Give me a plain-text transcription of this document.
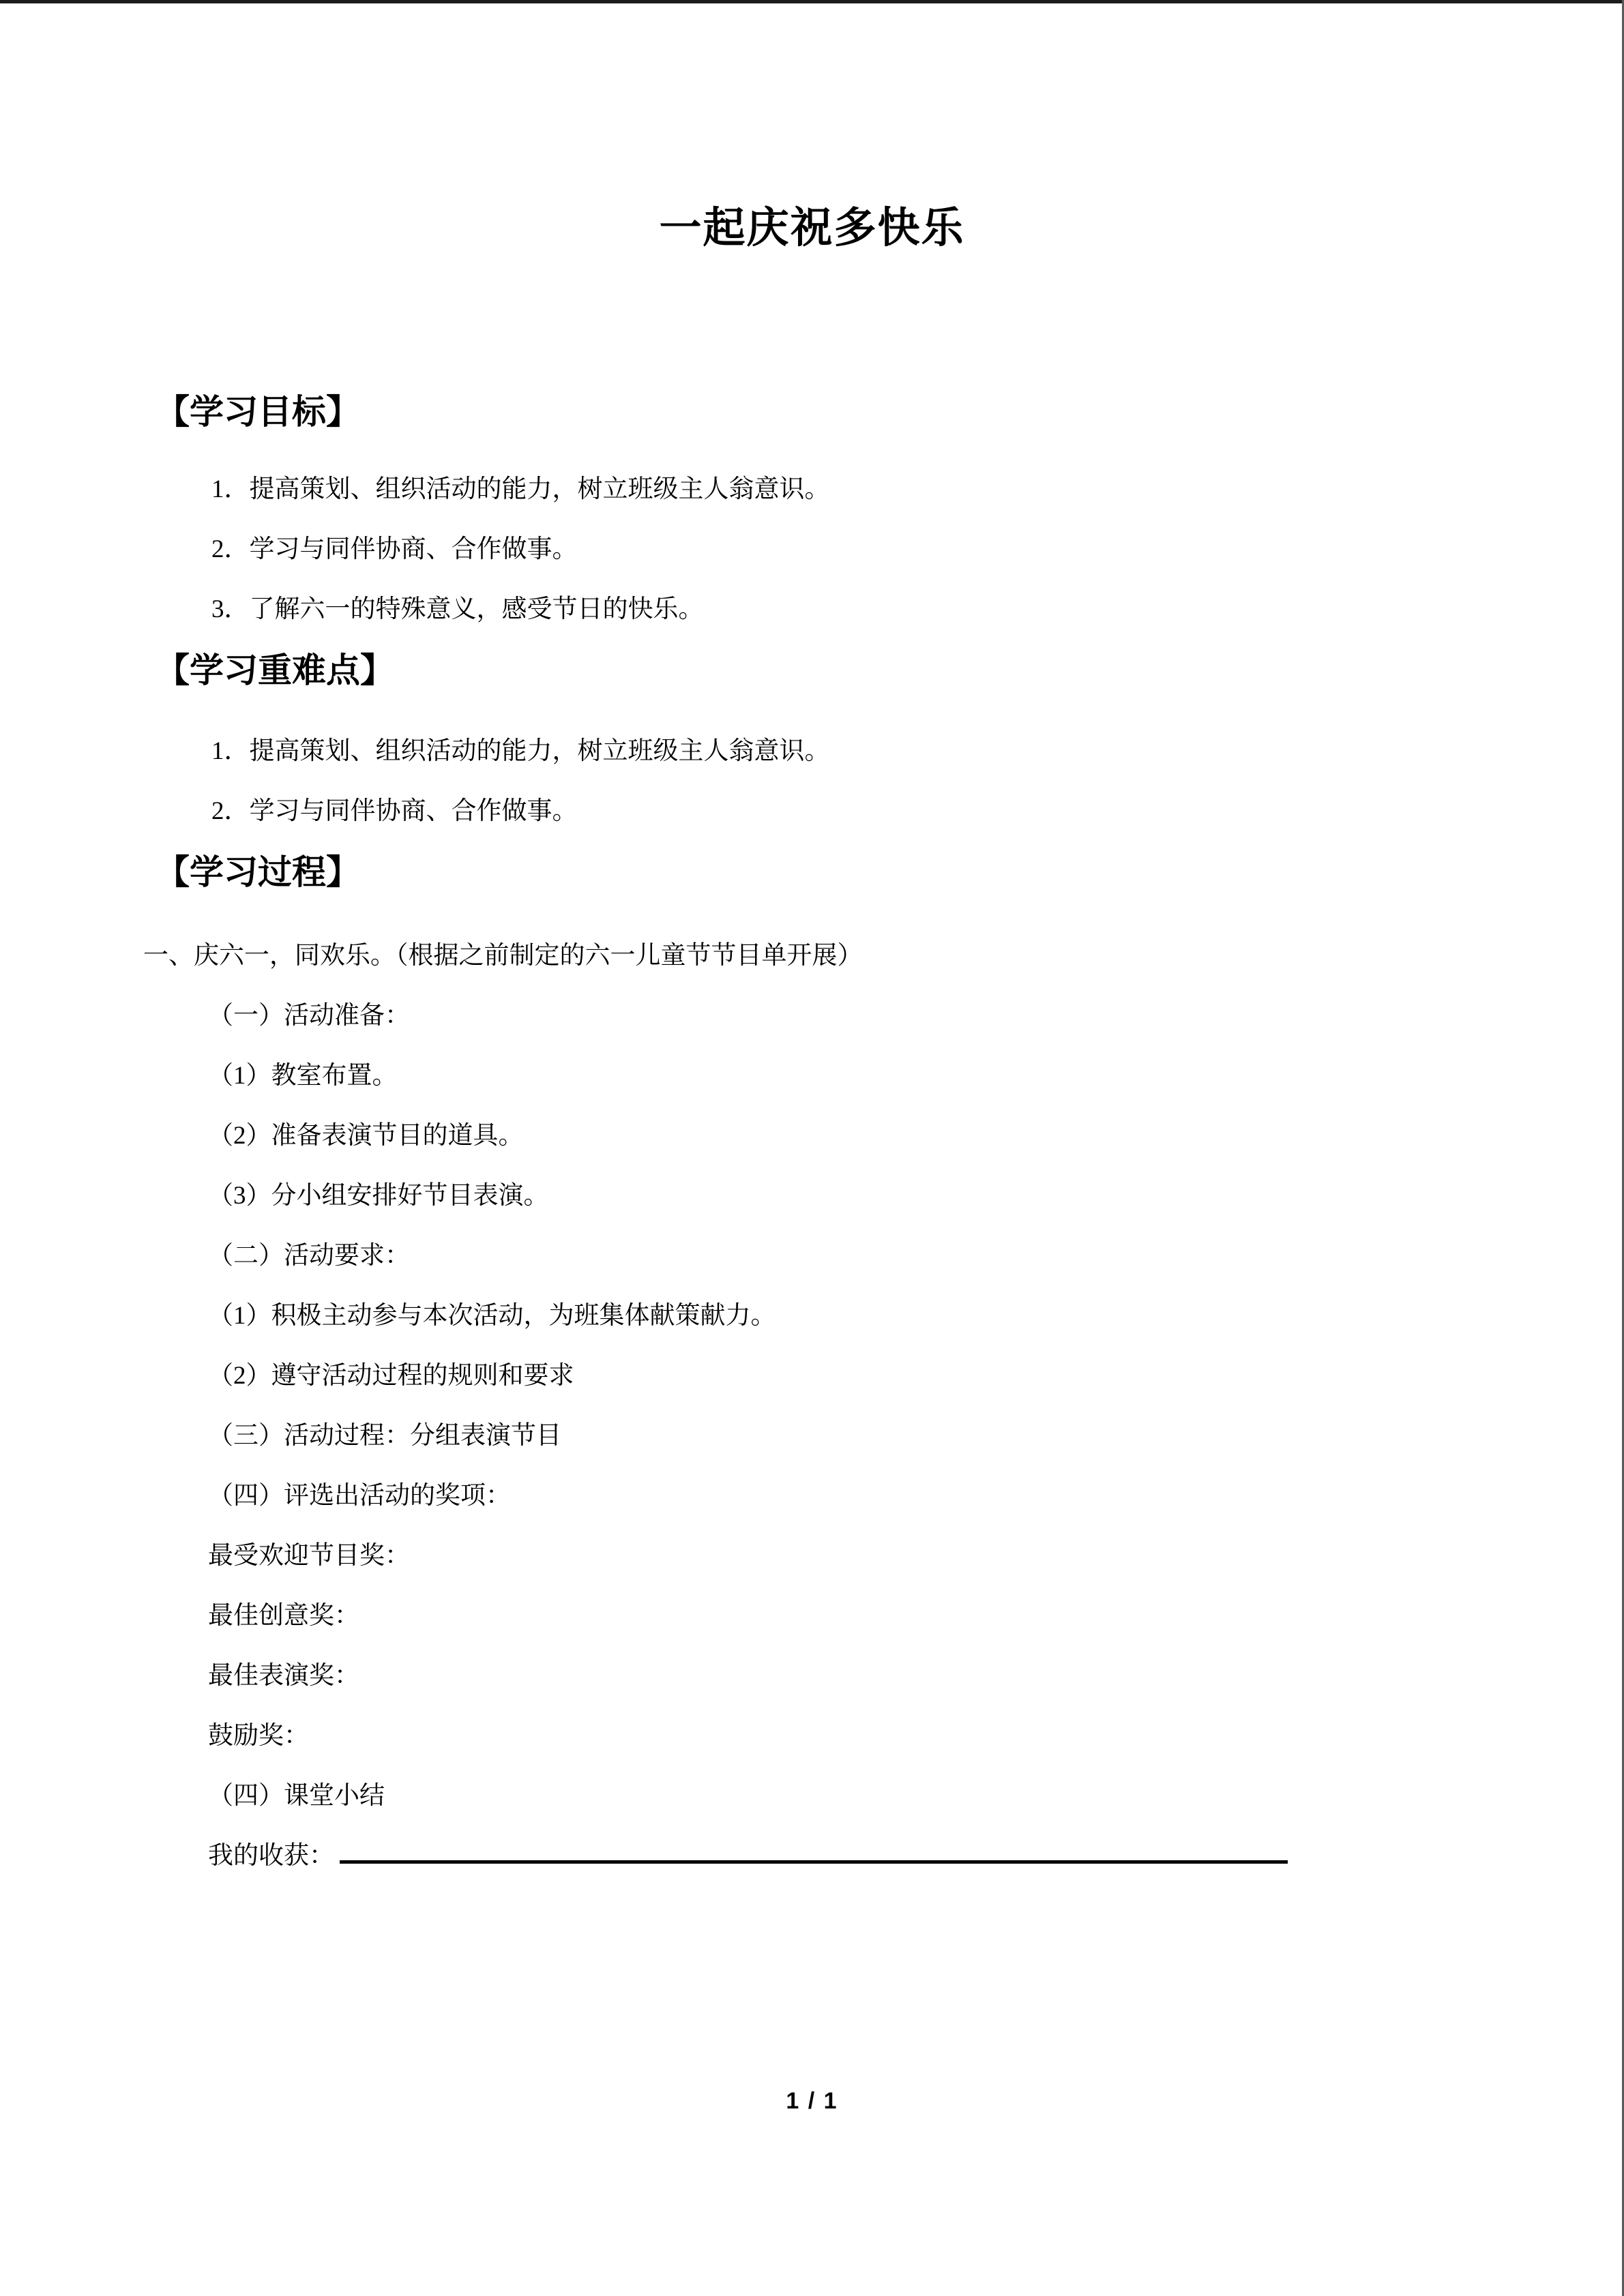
一起庆祝多快乐
【学习目标】
1．提高策划、组织活动的能力，树立班级主人翁意识。
2．学习与同伴协商、合作做事。
3．了解六一的特殊意义，感受节日的快乐。
【学习重难点】
1．提高策划、组织活动的能力，树立班级主人翁意识。
2．学习与同伴协商、合作做事。
【学习过程】
一、庆六一，同欢乐。（根据之前制定的六一儿童节节目单开展）
（一）活动准备：
（1）教室布置。
（2）准备表演节目的道具。
（3）分小组安排好节目表演。
（二）活动要求：
（1）积极主动参与本次活动，为班集体献策献力。
（2）遵守活动过程的规则和要求
（三）活动过程：分组表演节目
（四）评选出活动的奖项：
最受欢迎节目奖：
最佳创意奖：
最佳表演奖：
鼓励奖：
（四）课堂小结
我的收获：
1 / 1
